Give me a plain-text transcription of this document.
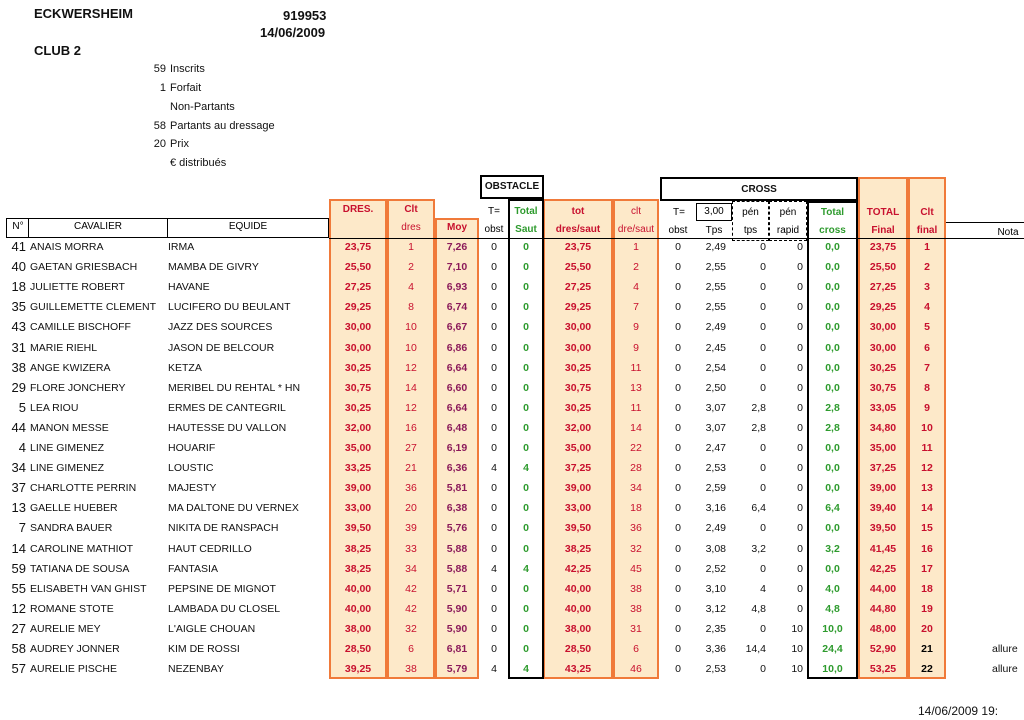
ECKWERSHEIM	919953
14/06/2009
CLUB 2
59 Inscrits
1 Forfait
Non-Partants
58 Partants au dressage
20 Prix
€ distribués
N°	CAVALIER	EQUIDE
DRES.	Clt
dres	Moy
OBSTACLE
T=
obst
Total
Saut
tot
dres/saut
clt
dre/saut
CROSS
T=	3,00
obst	Tps
pén
tps
pén
rapid
Total
cross
TOTAL
Final
Clt
final	Nota
41 ANAIS MORRA	IRMA	23,75	1	7,26	0	0	23,75	1	0	2,49	0	0	0,0	23,75	1
40 GAETAN GRIESBACH	MAMBA DE GIVRY	25,50	2	7,10	0	0	25,50	2	0	2,55	0	0	0,0	25,50	2
18 JULIETTE ROBERT	HAVANE	27,25	4	6,93	0	0	27,25	4	0	2,55	0	0	0,0	27,25	3
35 GUILLEMETTE CLEMENT	LUCIFERO DU BEULANT	29,25	8	6,74	0	0	29,25	7	0	2,55	0	0	0,0	29,25	4
43 CAMILLE BISCHOFF	JAZZ DES SOURCES	30,00	10	6,67	0	0	30,00	9	0	2,49	0	0	0,0	30,00	5
31 MARIE RIEHL	JASON DE BELCOUR	30,00	10	6,86	0	0	30,00	9	0	2,45	0	0	0,0	30,00	6
38 ANGE KWIZERA	KETZA	30,25	12	6,64	0	0	30,25	11	0	2,54	0	0	0,0	30,25	7
29 FLORE JONCHERY	MERIBEL DU REHTAL * HN	30,75	14	6,60	0	0	30,75	13	0	2,50	0	0	0,0	30,75	8
5 LEA RIOU	ERMES DE CANTEGRIL	30,25	12	6,64	0	0	30,25	11	0	3,07	2,8	0	2,8	33,05	9
44 MANON MESSE	HAUTESSE DU VALLON	32,00	16	6,48	0	0	32,00	14	0	3,07	2,8	0	2,8	34,80	10
4 LINE GIMENEZ	HOUARIF	35,00	27	6,19	0	0	35,00	22	0	2,47	0	0	0,0	35,00	11
34 LINE GIMENEZ	LOUSTIC	33,25	21	6,36	4	4	37,25	28	0	2,53	0	0	0,0	37,25	12
37 CHARLOTTE PERRIN	MAJESTY	39,00	36	5,81	0	0	39,00	34	0	2,59	0	0	0,0	39,00	13
13 GAELLE HUEBER	MA DALTONE DU VERNEX	33,00	20	6,38	0	0	33,00	18	0	3,16	6,4	0	6,4	39,40	14
7 SANDRA BAUER	NIKITA DE RANSPACH	39,50	39	5,76	0	0	39,50	36	0	2,49	0	0	0,0	39,50	15
14 CAROLINE MATHIOT	HAUT CEDRILLO	38,25	33	5,88	0	0	38,25	32	0	3,08	3,2	0	3,2	41,45	16
59 TATIANA DE SOUSA	FANTASIA	38,25	34	5,88	4	4	42,25	45	0	2,52	0	0	0,0	42,25	17
55 ELISABETH VAN GHIST	PEPSINE DE MIGNOT	40,00	42	5,71	0	0	40,00	38	0	3,10	4	0	4,0	44,00	18
12 ROMANE STOTE	LAMBADA DU CLOSEL	40,00	42	5,90	0	0	40,00	38	0	3,12	4,8	0	4,8	44,80	19
27 AURELIE MEY	L'AIGLE CHOUAN	38,00	32	5,90	0	0	38,00	31	0	2,35	0	10	10,0	48,00	20
58 AUDREY JONNER	KIM DE ROSSI	28,50	6	6,81	0	0	28,50	6	0	3,36	14,4	10	24,4	52,90	21	allure
57 AURELIE PISCHE	NEZENBAY	39,25	38	5,79	4	4	43,25	46	0	2,53	0	10	10,0	53,25	22	allure
14/06/2009 19:
